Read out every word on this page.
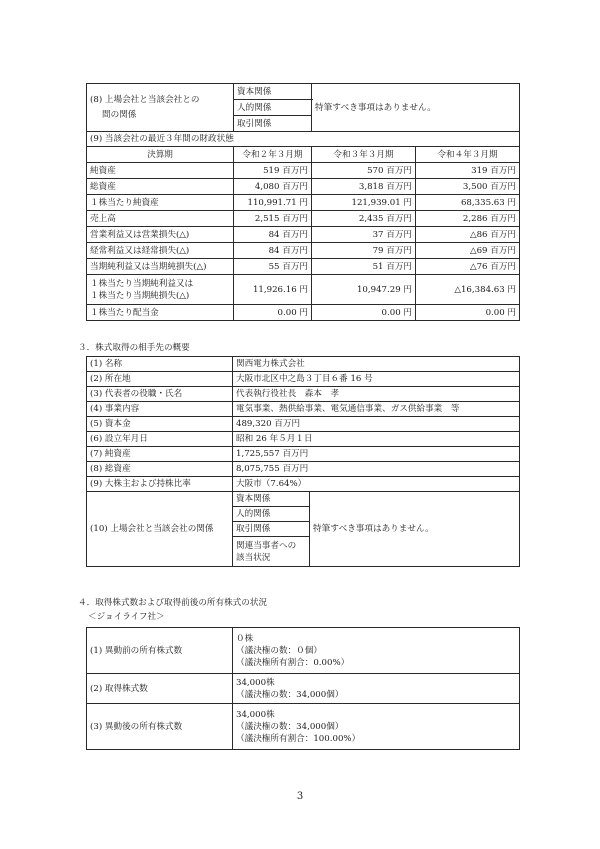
(8) 上場会社と当該会社との
間の関係	資本関係	特筆すべき事項はありません。	
	人的関係		
	取引関係		
(9) 当該会社の最近３年間の財政状態			
決算期	令和２年３月期	令和３年３月期	令和４年３月期
純資産	519 百万円	570 百万円	319 百万円
総資産	4,080 百万円	3,818 百万円	3,500 百万円
１株当たり純資産	110,991.71 円	121,939.01 円	68,335.63 円
売上高	2,515 百万円	2,435 百万円	2,286 百万円
営業利益又は営業損失(△)	84 百万円	37 百万円	△86 百万円
経常利益又は経常損失(△)	84 百万円	79 百万円	△69 百万円
当期純利益又は当期純損失(△)	55 百万円	51 百万円	△76 百万円
１株当たり当期純利益又は
１株当たり当期純損失(△)	11,926.16 円	10,947.29 円	△16,384.63 円
１株当たり配当金	0.00 円	0.00 円	0.00 円
３．株式取得の相手先の概要
(1) 名称	関西電力株式会社	
(2) 所在地	大阪市北区中之島３丁目６番 16 号	
(3) 代表者の役職・氏名	代表執行役社長　森本　孝	
(4) 事業内容	電気事業、熱供給事業、電気通信事業、ガス供給事業　等	
(5) 資本金	489,320 百万円	
(6) 設立年月日	昭和 26 年５月１日	
(7) 純資産	1,725,557 百万円	
(8) 総資産	8,075,755 百万円	
(9) 大株主および持株比率	大阪市（7.64%）	
(10) 上場会社と当該会社の関係	資本関係	特筆すべき事項はありません。
	人的関係	
	取引関係	
	関連当事者への
該当状況	
４．取得株式数および取得前後の所有株式の状況
＜ジョイライフ社＞
(1) 異動前の所有株式数	０株
（議決権の数：０個）
（議決権所有割合：0.00%）
(2) 取得株式数	34,000株
（議決権の数：34,000個）
(3) 異動後の所有株式数	34,000株
（議決権の数：34,000個）
（議決権所有割合：100.00%）
3
